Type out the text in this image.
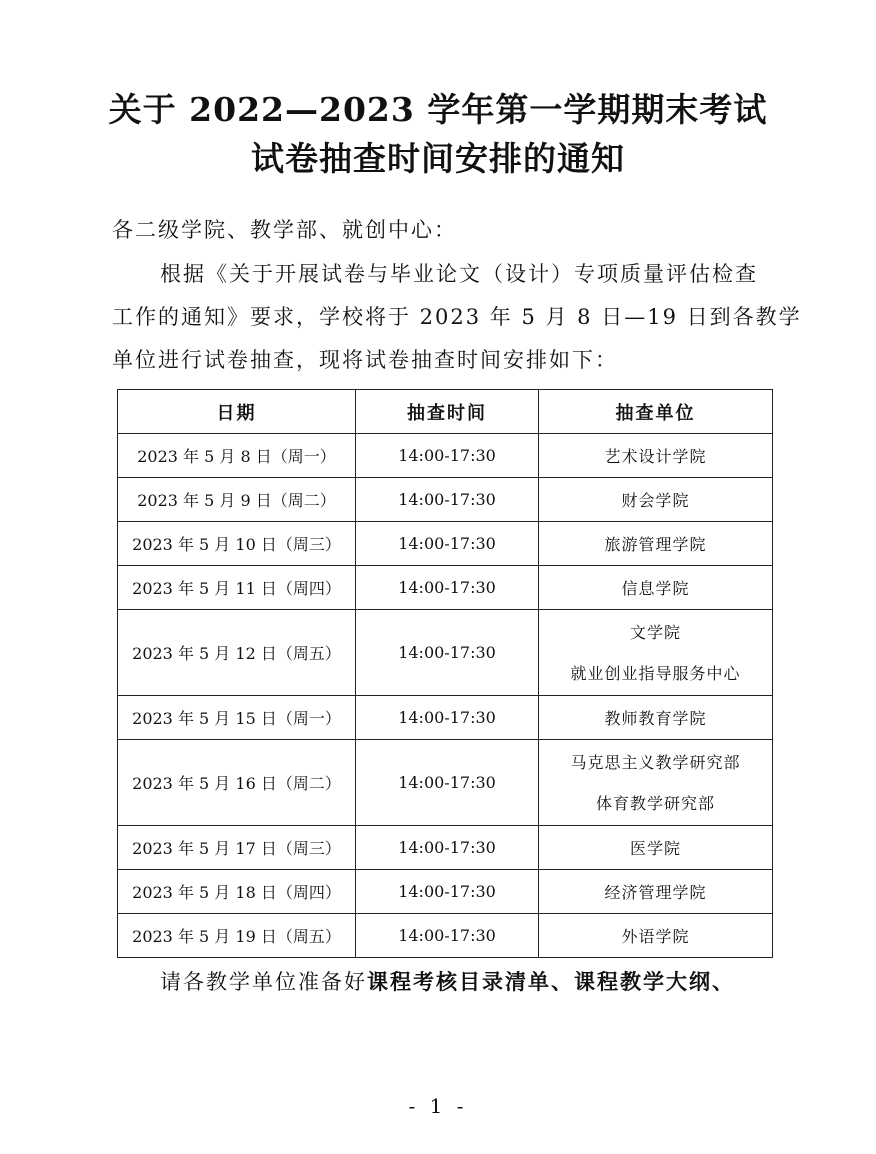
关于 2022—2023 学年第一学期期末考试
试卷抽查时间安排的通知
各二级学院、教学部、就创中心：
根据《关于开展试卷与毕业论文（设计）专项质量评估检查
工作的通知》要求，学校将于 2023 年 5 月 8 日—19 日到各教学
单位进行试卷抽查，现将试卷抽查时间安排如下：
日期	抽查时间	抽查单位
2023 年 5 月 8 日（周一）	14:00-17:30	艺术设计学院
2023 年 5 月 9 日（周二）	14:00-17:30	财会学院
2023 年 5 月 10 日（周三）	14:00-17:30	旅游管理学院
2023 年 5 月 11 日（周四）	14:00-17:30	信息学院
2023 年 5 月 12 日（周五）	14:00-17:30	文学院
就业创业指导服务中心

2023 年 5 月 15 日（周一）	14:00-17:30	教师教育学院
2023 年 5 月 16 日（周二）	14:00-17:30	马克思主义教学研究部
体育教学研究部

2023 年 5 月 17 日（周三）	14:00-17:30	医学院
2023 年 5 月 18 日（周四）	14:00-17:30	经济管理学院
2023 年 5 月 19 日（周五）	14:00-17:30	外语学院
请各教学单位准备好课程考核目录清单、课程教学大纲、
- 1 -
